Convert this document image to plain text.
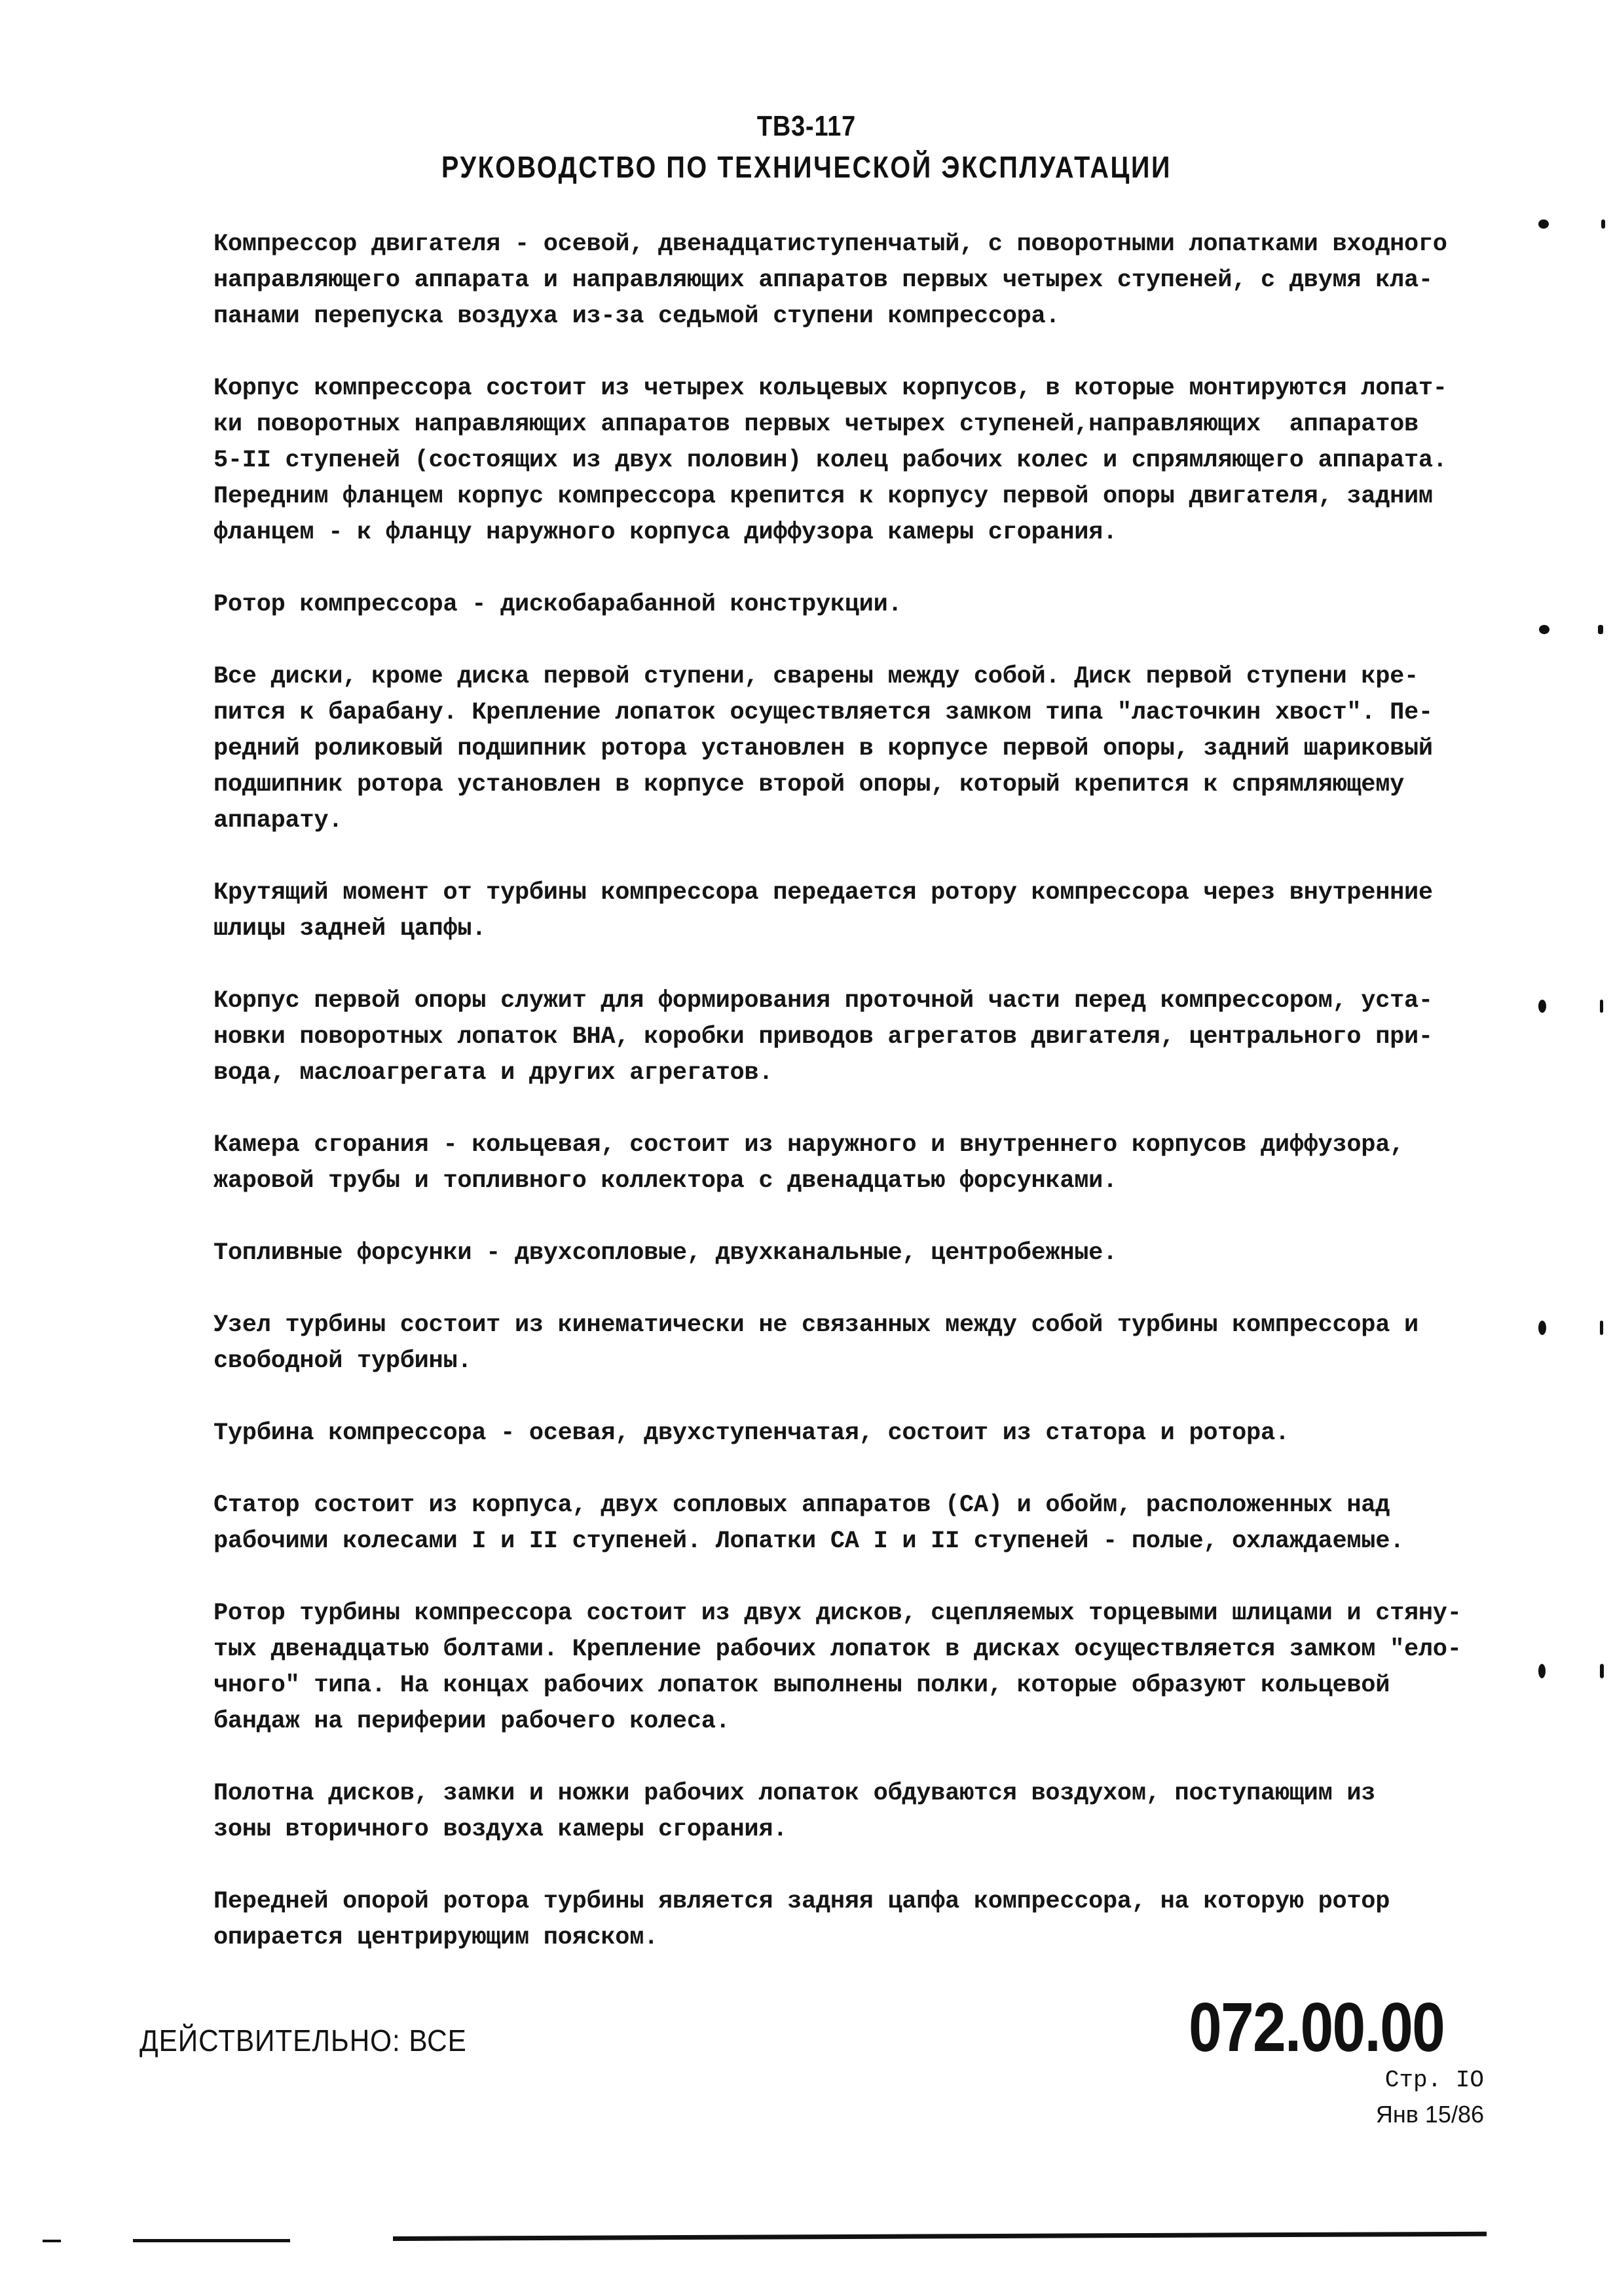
ТВ3-117
РУКОВОДСТВО ПО ТЕХНИЧЕСКОЙ ЭКСПЛУАТАЦИИ
Компрессор двигателя - осевой, двенадцатиступенчатый, с поворотными лопатками входного
направляющего аппарата и направляющих аппаратов первых четырех ступеней, с двумя кла-
панами перепуска воздуха из-за седьмой ступени компрессора.
Корпус компрессора состоит из четырех кольцевых корпусов, в которые монтируются лопат-
ки поворотных направляющих аппаратов первых четырех ступеней,направляющих  аппаратов
5-II ступеней (состоящих из двух половин) колец рабочих колес и спрямляющего аппарата.
Передним фланцем корпус компрессора крепится к корпусу первой опоры двигателя, задним
фланцем - к фланцу наружного корпуса диффузора камеры сгорания.
Ротор компрессора - дискобарабанной конструкции.
Все диски, кроме диска первой ступени, сварены между собой. Диск первой ступени кре-
пится к барабану. Крепление лопаток осуществляется замком типа "ласточкин хвост". Пе-
редний роликовый подшипник ротора установлен в корпусе первой опоры, задний шариковый
подшипник ротора установлен в корпусе второй опоры, который крепится к спрямляющему
аппарату.
Крутящий момент от турбины компрессора передается ротору компрессора через внутренние
шлицы задней цапфы.
Корпус первой опоры служит для формирования проточной части перед компрессором, уста-
новки поворотных лопаток ВНА, коробки приводов агрегатов двигателя, центрального при-
вода, маслоагрегата и других агрегатов.
Камера сгорания - кольцевая, состоит из наружного и внутреннего корпусов диффузора,
жаровой трубы и топливного коллектора с двенадцатью форсунками.
Топливные форсунки - двухсопловые, двухканальные, центробежные.
Узел турбины состоит из кинематически не связанных между собой турбины компрессора и
свободной турбины.
Турбина компрессора - осевая, двухступенчатая, состоит из статора и ротора.
Статор состоит из корпуса, двух сопловых аппаратов (СА) и обойм, расположенных над
рабочими колесами I и II ступеней. Лопатки СА I и II ступеней - полые, охлаждаемые.
Ротор турбины компрессора состоит из двух дисков, сцепляемых торцевыми шлицами и стяну-
тых двенадцатью болтами. Крепление рабочих лопаток в дисках осуществляется замком "ело-
чного" типа. На концах рабочих лопаток выполнены полки, которые образуют кольцевой
бандаж на периферии рабочего колеса.
Полотна дисков, замки и ножки рабочих лопаток обдуваются воздухом, поступающим из
зоны вторичного воздуха камеры сгорания.
Передней опорой ротора турбины является задняя цапфа компрессора, на которую ротор
опирается центрирующим пояском.
ДЕЙСТВИТЕЛЬНО: ВСЕ	072.00.00
Стр. IО
Янв 15/86
